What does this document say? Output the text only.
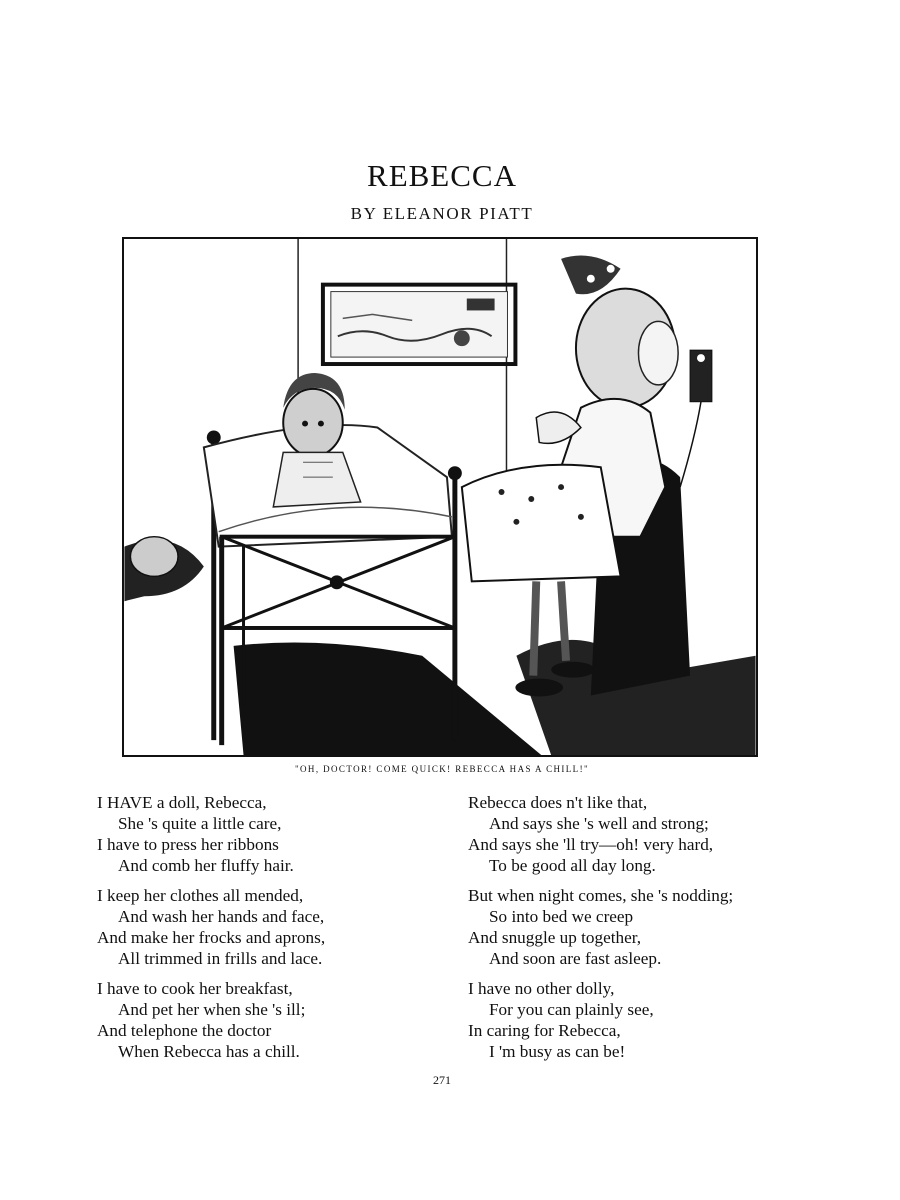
REBECCA
BY ELEANOR PIATT
"OH, DOCTOR! COME QUICK! REBECCA HAS A CHILL!"
I HAVE a doll, Rebecca,
She 's quite a little care,
I have to press her ribbons
And comb her fluffy hair.
I keep her clothes all mended,
And wash her hands and face,
And make her frocks and aprons,
All trimmed in frills and lace.
I have to cook her breakfast,
And pet her when she 's ill;
And telephone the doctor
When Rebecca has a chill.
Rebecca does n't like that,
And says she 's well and strong;
And says she 'll try—oh! very hard,
To be good all day long.
But when night comes, she 's nodding;
So into bed we creep
And snuggle up together,
And soon are fast asleep.
I have no other dolly,
For you can plainly see,
In caring for Rebecca,
I 'm busy as can be!
271
